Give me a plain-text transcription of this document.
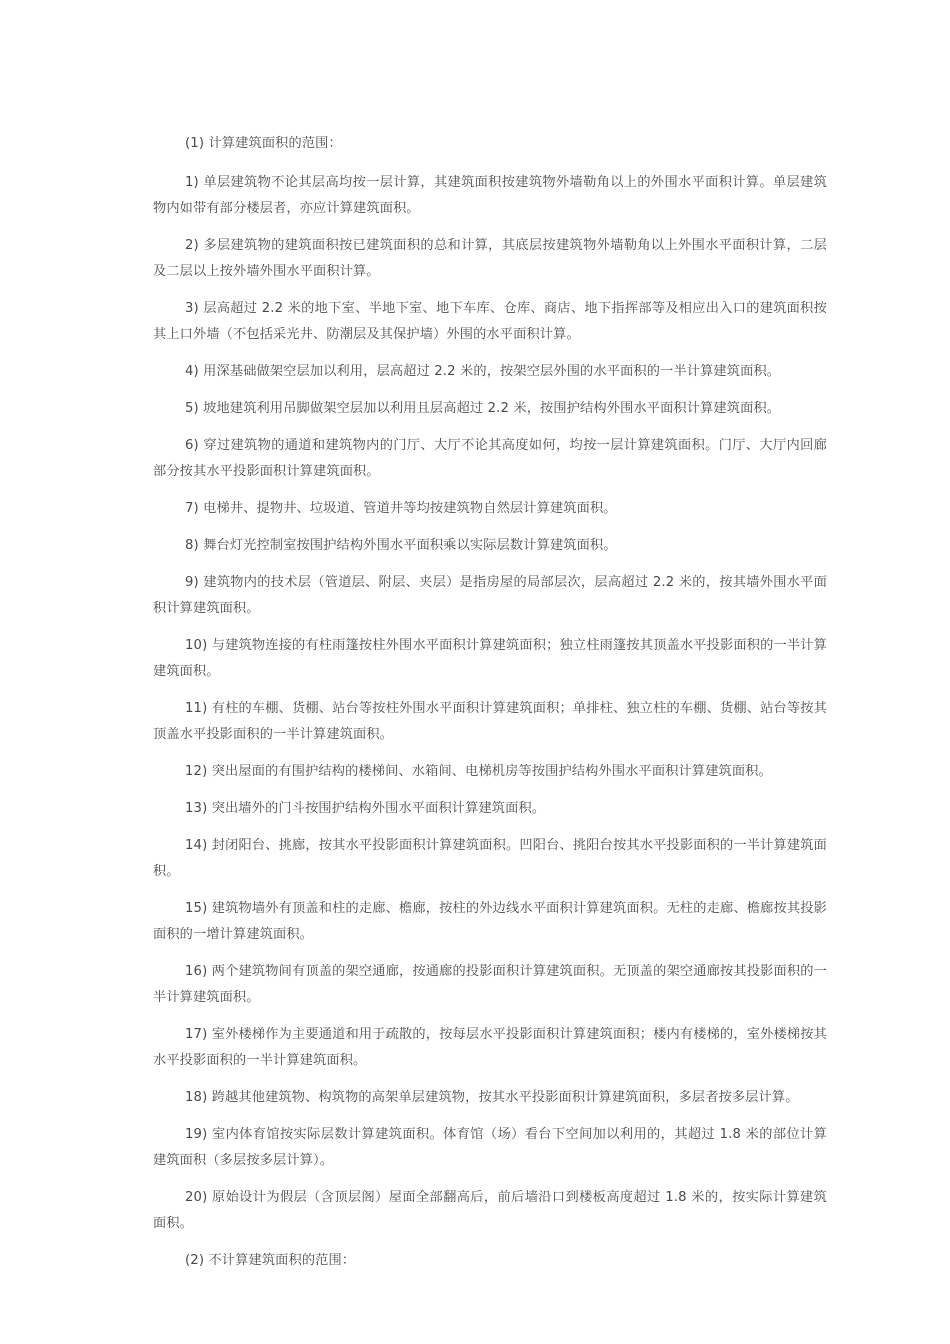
(1) 计算建筑面积的范围：

1) 单层建筑物不论其层高均按一层计算，其建筑面积按建筑物外墙勒角以上的外围水平面积计算。单层建筑物内如带有部分楼层者，亦应计算建筑面积。

2) 多层建筑物的建筑面积按已建筑面积的总和计算，其底层按建筑物外墙勒角以上外围水平面积计算，二层及二层以上按外墙外围水平面积计算。

3) 层高超过 2.2 米的地下室、半地下室、地下车库、仓库、商店、地下指挥部等及相应出入口的建筑面积按其上口外墙（不包括采光井、防潮层及其保护墙）外围的水平面积计算。

4) 用深基础做架空层加以利用，层高超过 2.2 米的，按架空层外围的水平面积的一半计算建筑面积。

5) 坡地建筑利用吊脚做架空层加以利用且层高超过 2.2 米，按围护结构外围水平面积计算建筑面积。

6) 穿过建筑物的通道和建筑物内的门厅、大厅不论其高度如何，均按一层计算建筑面积。门厅、大厅内回廊部分按其水平投影面积计算建筑面积。

7) 电梯井、提物井、垃圾道、管道井等均按建筑物自然层计算建筑面积。

8) 舞台灯光控制室按围护结构外围水平面积乘以实际层数计算建筑面积。

9) 建筑物内的技术层（管道层、附层、夹层）是指房屋的局部层次，层高超过 2.2 米的，按其墙外围水平面积计算建筑面积。

10) 与建筑物连接的有柱雨篷按柱外围水平面积计算建筑面积；独立柱雨篷按其顶盖水平投影面积的一半计算建筑面积。

11) 有柱的车棚、货棚、站台等按柱外围水平面积计算建筑面积；单排柱、独立柱的车棚、货棚、站台等按其顶盖水平投影面积的一半计算建筑面积。

12) 突出屋面的有围护结构的楼梯间、水箱间、电梯机房等按围护结构外围水平面积计算建筑面积。

13) 突出墙外的门斗按围护结构外围水平面积计算建筑面积。

14) 封闭阳台、挑廊，按其水平投影面积计算建筑面积。凹阳台、挑阳台按其水平投影面积的一半计算建筑面积。

15) 建筑物墙外有顶盖和柱的走廊、檐廊，按柱的外边线水平面积计算建筑面积。无柱的走廊、檐廊按其投影面积的一增计算建筑面积。

16) 两个建筑物间有顶盖的架空通廊，按通廊的投影面积计算建筑面积。无顶盖的架空通廊按其投影面积的一半计算建筑面积。

17) 室外楼梯作为主要通道和用于疏散的，按每层水平投影面积计算建筑面积；楼内有楼梯的，室外楼梯按其水平投影面积的一半计算建筑面积。

18) 跨越其他建筑物、构筑物的高架单层建筑物，按其水平投影面积计算建筑面积，多层者按多层计算。

19) 室内体育馆按实际层数计算建筑面积。体育馆（场）看台下空间加以利用的，其超过 1.8 米的部位计算建筑面积（多层按多层计算）。

20) 原始设计为假层（含顶层阁）屋面全部翻高后，前后墙沿口到楼板高度超过 1.8 米的，按实际计算建筑面积。

(2) 不计算建筑面积的范围：
